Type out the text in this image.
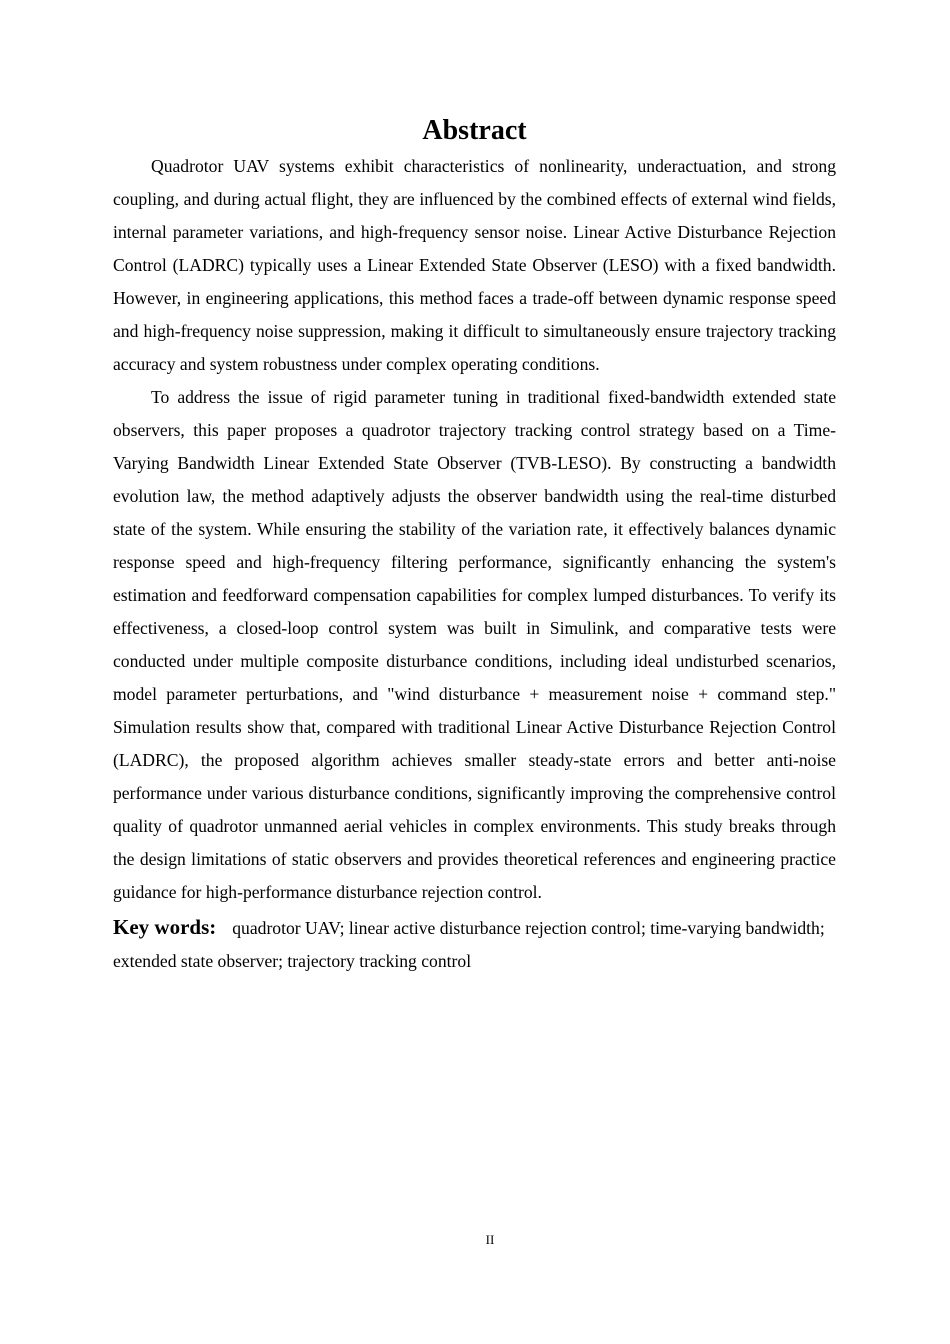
Abstract

Quadrotor UAV systems exhibit characteristics of nonlinearity, underactuation, and strong coupling, and during actual flight, they are influenced by the combined effects of external wind fields, internal parameter variations, and high-frequency sensor noise. Linear Active Disturbance Rejection Control (LADRC) typically uses a Linear Extended State Observer (LESO) with a fixed bandwidth. However, in engineering applications, this method faces a trade-off between dynamic response speed and high-frequency noise suppression, making it difficult to simultaneously ensure trajectory tracking accuracy and system robustness under complex operating conditions.

To address the issue of rigid parameter tuning in traditional fixed-bandwidth extended state observers, this paper proposes a quadrotor trajectory tracking control strategy based on a Time-Varying Bandwidth Linear Extended State Observer (TVB-LESO). By constructing a bandwidth evolution law, the method adaptively adjusts the observer bandwidth using the real-time disturbed state of the system. While ensuring the stability of the variation rate, it effectively balances dynamic response speed and high-frequency filtering performance, significantly enhancing the system's estimation and feedforward compensation capabilities for complex lumped disturbances. To verify its effectiveness, a closed-loop control system was built in Simulink, and comparative tests were conducted under multiple composite disturbance conditions, including ideal undisturbed scenarios, model parameter perturbations, and "wind disturbance + measurement noise + command step." Simulation results show that, compared with traditional Linear Active Disturbance Rejection Control (LADRC), the proposed algorithm achieves smaller steady-state errors and better anti-noise performance under various disturbance conditions, significantly improving the comprehensive control quality of quadrotor unmanned aerial vehicles in complex environments. This study breaks through the design limitations of static observers and provides theoretical references and engineering practice guidance for high-performance disturbance rejection control.

Key words: quadrotor UAV; linear active disturbance rejection control; time-varying bandwidth; extended state observer; trajectory tracking control

II
